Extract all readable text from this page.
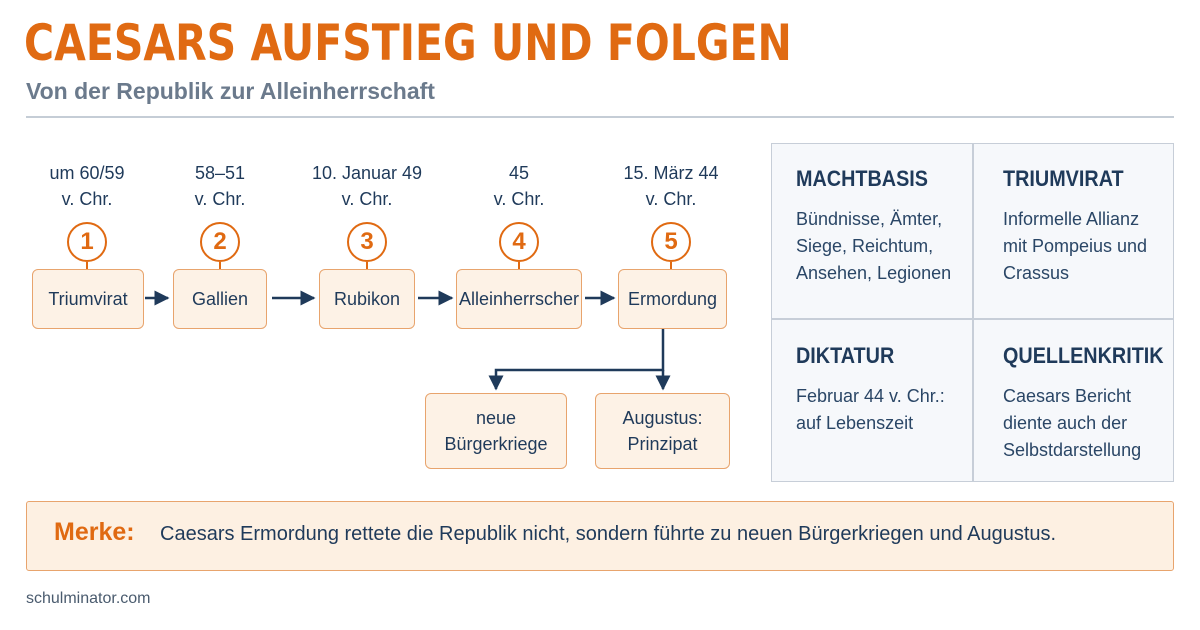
CAESARS AUFSTIEG UND FOLGEN
Von der Republik zur Alleinherrschaft
um 60/59
v. Chr.
1
Triumvirat
58–51
v. Chr.
2
Gallien
10. Januar 49
v. Chr.
3
Rubikon
45
v. Chr.
4
Alleinherrscher
15. März 44
v. Chr.
5
Ermordung
neue
Bürgerkriege
Augustus:
Prinzipat
MACHTBASIS
Bündnisse, Ämter,
Siege, Reichtum,
Ansehen, Legionen
TRIUMVIRAT
Informelle Allianz
mit Pompeius und
Crassus
DIKTATUR
Februar 44 v. Chr.:
auf Lebenszeit
QUELLENKRITIK
Caesars Bericht
diente auch der
Selbstdarstellung
Merke: Caesars Ermordung rettete die Republik nicht, sondern führte zu neuen Bürgerkriegen und Augustus.
schulminator.com
